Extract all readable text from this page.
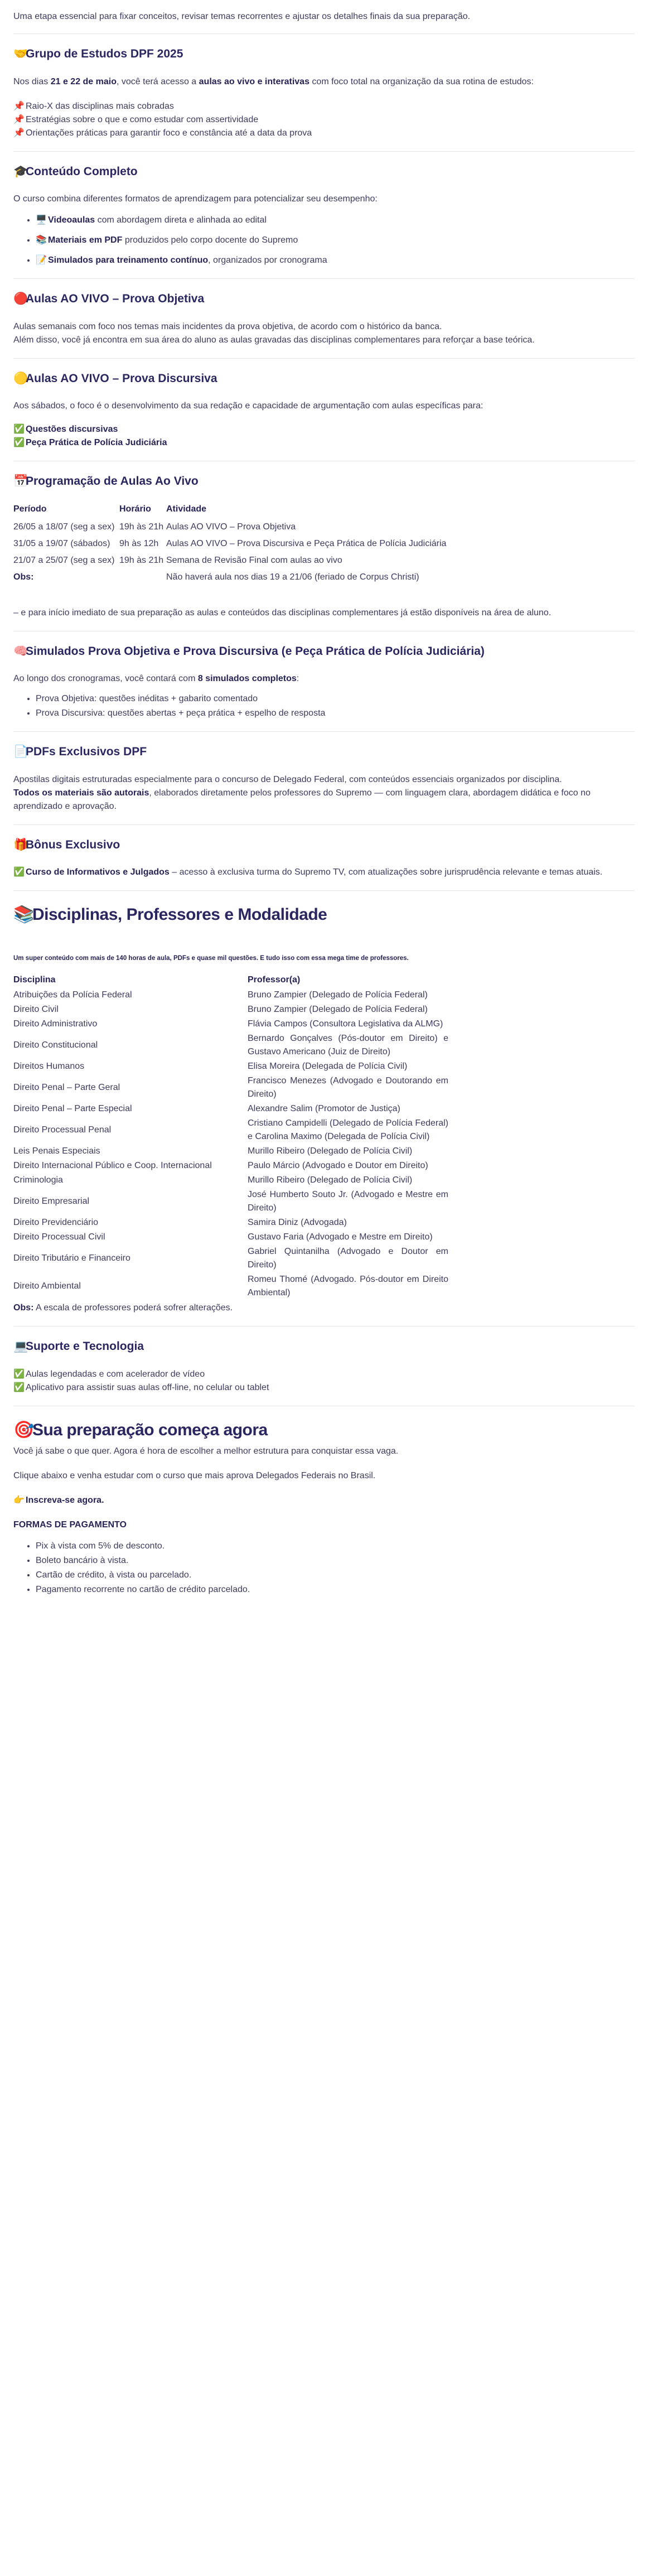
Uma etapa essencial para fixar conceitos, revisar temas recorrentes e ajustar os detalhes finais da sua preparação.

🤝Grupo de Estudos DPF 2025

Nos dias 21 e 22 de maio, você terá acesso a aulas ao vivo e interativas com foco total na organização da sua rotina de estudos:

📌 Raio-X das disciplinas mais cobradas
📌 Estratégias sobre o que e como estudar com assertividade
📌 Orientações práticas para garantir foco e constância até a data da prova
🎓Conteúdo Completo

O curso combina diferentes formatos de aprendizagem para potencializar seu desempenho:

• 🖥️ Videoaulas com abordagem direta e alinhada ao edital
• 📚 Materiais em PDF produzidos pelo corpo docente do Supremo
• 📝 Simulados para treinamento contínuo, organizados por cronograma
🔴Aulas AO VIVO – Prova Objetiva

Aulas semanais com foco nos temas mais incidentes da prova objetiva, de acordo com o histórico da banca.

Além disso, você já encontra em sua área do aluno as aulas gravadas das disciplinas complementares para reforçar a base teórica.

🟡Aulas AO VIVO – Prova Discursiva

Aos sábados, o foco é o desenvolvimento da sua redação e capacidade de argumentação com aulas específicas para:

✅ Questões discursivas
✅ Peça Prática de Polícia Judiciária
📅Programação de Aulas Ao Vivo
Período	Horário	Atividade
26/05 a 18/07 (seg a sex)	19h às 21h	Aulas AO VIVO – Prova Objetiva
31/05 a 19/07 (sábados)	9h às 12h	Aulas AO VIVO – Prova Discursiva e Peça Prática de Polícia Judiciária
21/07 a 25/07 (seg a sex)	19h às 21h	Semana de Revisão Final com aulas ao vivo
Obs:		Não haverá aula nos dias 19 a 21/06 (feriado de Corpus Christi)

– e para início imediato de sua preparação as aulas e conteúdos das disciplinas complementares já estão disponíveis na área de aluno.

🧠Simulados Prova Objetiva e Prova Discursiva (e Peça Prática de Polícia Judiciária)

Ao longo dos cronogramas, você contará com 8 simulados completos:

• Prova Objetiva: questões inéditas + gabarito comentado
• Prova Discursiva: questões abertas + peça prática + espelho de resposta
📄PDFs Exclusivos DPF

Apostilas digitais estruturadas especialmente para o concurso de Delegado Federal, com conteúdos essenciais organizados por disciplina.

Todos os materiais são autorais, elaborados diretamente pelos professores do Supremo — com linguagem clara, abordagem didática e foco no aprendizado e aprovação.

🎁Bônus Exclusivo

✅ Curso de Informativos e Julgados – acesso à exclusiva turma do Supremo TV, com atualizações sobre jurisprudência relevante e temas atuais.

📚Disciplinas, Professores e Modalidade

Um super conteúdo com mais de 140 horas de aula, PDFs e quase mil questões. E tudo isso com essa mega time de professores.

Disciplina	Professor(a)
Atribuições da Polícia Federal	Bruno Zampier (Delegado de Polícia Federal)
Direito Civil	Bruno Zampier (Delegado de Polícia Federal)
Direito Administrativo	Flávia Campos (Consultora Legislativa da ALMG)
Direito Constitucional	Bernardo Gonçalves (Pós-doutor em Direito) e Gustavo Americano (Juiz de Direito)
Direitos Humanos	Elisa Moreira (Delegada de Polícia Civil)
Direito Penal – Parte Geral	Francisco Menezes (Advogado e Doutorando em Direito)
Direito Penal – Parte Especial	Alexandre Salim (Promotor de Justiça)
Direito Processual Penal	Cristiano Campidelli (Delegado de Polícia Federal) e Carolina Maximo (Delegada de Polícia Civil)
Leis Penais Especiais	Murillo Ribeiro (Delegado de Polícia Civil)
Direito Internacional Público e Coop. Internacional	Paulo Márcio (Advogado e Doutor em Direito)
Criminologia	Murillo Ribeiro (Delegado de Polícia Civil)
Direito Empresarial	José Humberto Souto Jr. (Advogado e Mestre em Direito)
Direito Previdenciário	Samira Diniz (Advogada)
Direito Processual Civil	Gustavo Faria (Advogado e Mestre em Direito)
Direito Tributário e Financeiro	Gabriel Quintanilha (Advogado e Doutor em Direito)
Direito Ambiental	Romeu Thomé (Advogado. Pós-doutor em Direito Ambiental)

Obs: A escala de professores poderá sofrer alterações.

💻Suporte e Tecnologia
✅ Aulas legendadas e com acelerador de vídeo
✅ Aplicativo para assistir suas aulas off-line, no celular ou tablet
🎯Sua preparação começa agora

Você já sabe o que quer. Agora é hora de escolher a melhor estrutura para conquistar essa vaga.

Clique abaixo e venha estudar com o curso que mais aprova Delegados Federais no Brasil.

👉 Inscreva-se agora.

FORMAS DE PAGAMENTO

• Pix à vista com 5% de desconto.
• Boleto bancário à vista.
• Cartão de crédito, à vista ou parcelado.
• Pagamento recorrente no cartão de crédito parcelado.
